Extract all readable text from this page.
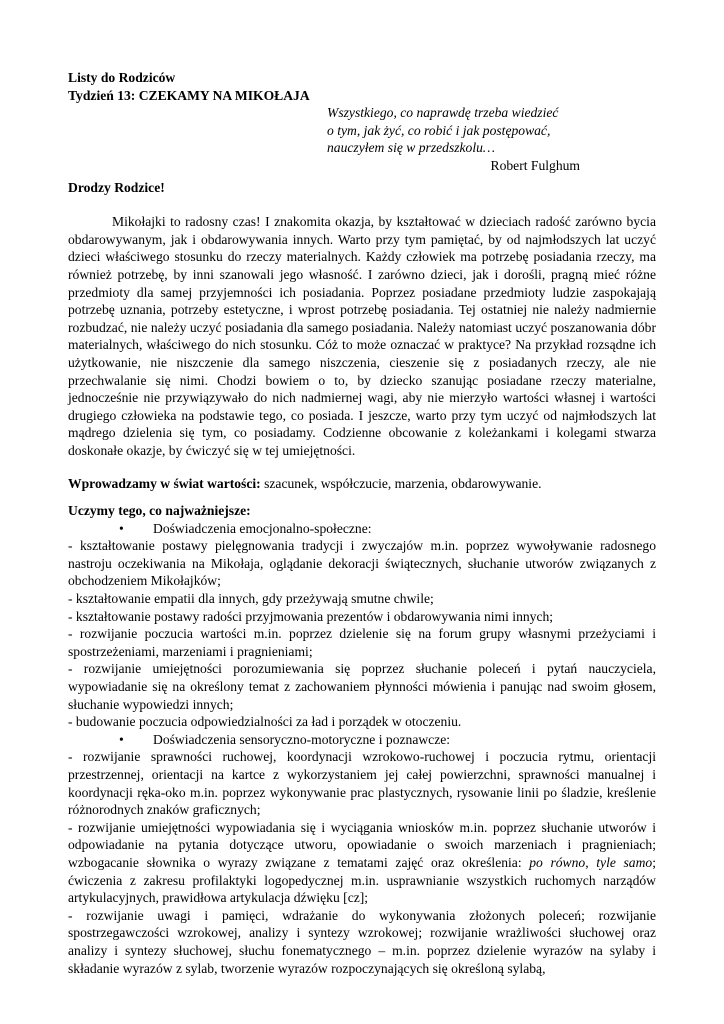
Listy do Rodziców
Tydzień 13: CZEKAMY NA MIKOŁAJA
Wszystkiego, co naprawdę trzeba wiedzieć
o tym, jak żyć, co robić i jak postępować,
nauczyłem się w przedszkolu…
Robert Fulghum
Drodzy Rodzice!

Mikołajki to radosny czas! I znakomita okazja, by kształtować w dzieciach radość zarówno bycia obdarowywanym, jak i obdarowywania innych. Warto przy tym pamiętać, by od najmłodszych lat uczyć dzieci właściwego stosunku do rzeczy materialnych. Każdy człowiek ma potrzebę posiadania rzeczy, ma również potrzebę, by inni szanowali jego własność. I zarówno dzieci, jak i dorośli, pragną mieć różne przedmioty dla samej przyjemności ich posiadania. Poprzez posiadane przedmioty ludzie zaspokajają potrzebę uznania, potrzeby estetyczne, i wprost potrzebę posiadania. Tej ostatniej nie należy nadmiernie rozbudzać, nie należy uczyć posiadania dla samego posiadania. Należy natomiast uczyć poszanowania dóbr materialnych, właściwego do nich stosunku. Cóż to może oznaczać w praktyce? Na przykład rozsądne ich użytkowanie, nie niszczenie dla samego niszczenia, cieszenie się z posiadanych rzeczy, ale nie przechwalanie się nimi. Chodzi bowiem o to, by dziecko szanując posiadane rzeczy materialne, jednocześnie nie przywiązywało do nich nadmiernej wagi, aby nie mierzyło wartości własnej i wartości drugiego człowieka na podstawie tego, co posiada. I jeszcze, warto przy tym uczyć od najmłodszych lat mądrego dzielenia się tym, co posiadamy. Codzienne obcowanie z koleżankami i kolegami stwarza doskonałe okazje, by ćwiczyć się w tej umiejętności.

Wprowadzamy w świat wartości: szacunek, współczucie, marzenia, obdarowywanie.
Uczymy tego, co najważniejsze:
• Doświadczenia emocjonalno-społeczne:
- kształtowanie postawy pielęgnowania tradycji i zwyczajów m.in. poprzez wywoływanie radosnego nastroju oczekiwania na Mikołaja, oglądanie dekoracji świątecznych, słuchanie utworów związanych z obchodzeniem Mikołajków;
- kształtowanie empatii dla innych, gdy przeżywają smutne chwile;
- kształtowanie postawy radości przyjmowania prezentów i obdarowywania nimi innych;
- rozwijanie poczucia wartości m.in. poprzez dzielenie się na forum grupy własnymi przeżyciami i spostrzeżeniami, marzeniami i pragnieniami;
- rozwijanie umiejętności porozumiewania się poprzez słuchanie poleceń i pytań nauczyciela, wypowiadanie się na określony temat z zachowaniem płynności mówienia i panując nad swoim głosem, słuchanie wypowiedzi innych;
- budowanie poczucia odpowiedzialności za ład i porządek w otoczeniu.
• Doświadczenia sensoryczno-motoryczne i poznawcze:
- rozwijanie sprawności ruchowej, koordynacji wzrokowo-ruchowej i poczucia rytmu, orientacji przestrzennej, orientacji na kartce z wykorzystaniem jej całej powierzchni, sprawności manualnej i koordynacji ręka-oko m.in. poprzez wykonywanie prac plastycznych, rysowanie linii po śladzie, kreślenie różnorodnych znaków graficznych;
- rozwijanie umiejętności wypowiadania się i wyciągania wniosków m.in. poprzez słuchanie utworów i odpowiadanie na pytania dotyczące utworu, opowiadanie o swoich marzeniach i pragnieniach; wzbogacanie słownika o wyrazy związane z tematami zajęć oraz określenia: po równo, tyle samo; ćwiczenia z zakresu profilaktyki logopedycznej m.in. usprawnianie wszystkich ruchomych narządów artykulacyjnych, prawidłowa artykulacja dźwięku [cz];
- rozwijanie uwagi i pamięci, wdrażanie do wykonywania złożonych poleceń; rozwijanie spostrzegawczości wzrokowej, analizy i syntezy wzrokowej; rozwijanie wrażliwości słuchowej oraz analizy i syntezy słuchowej, słuchu fonematycznego – m.in. poprzez dzielenie wyrazów na sylaby i składanie wyrazów z sylab, tworzenie wyrazów rozpoczynających się określoną sylabą,
